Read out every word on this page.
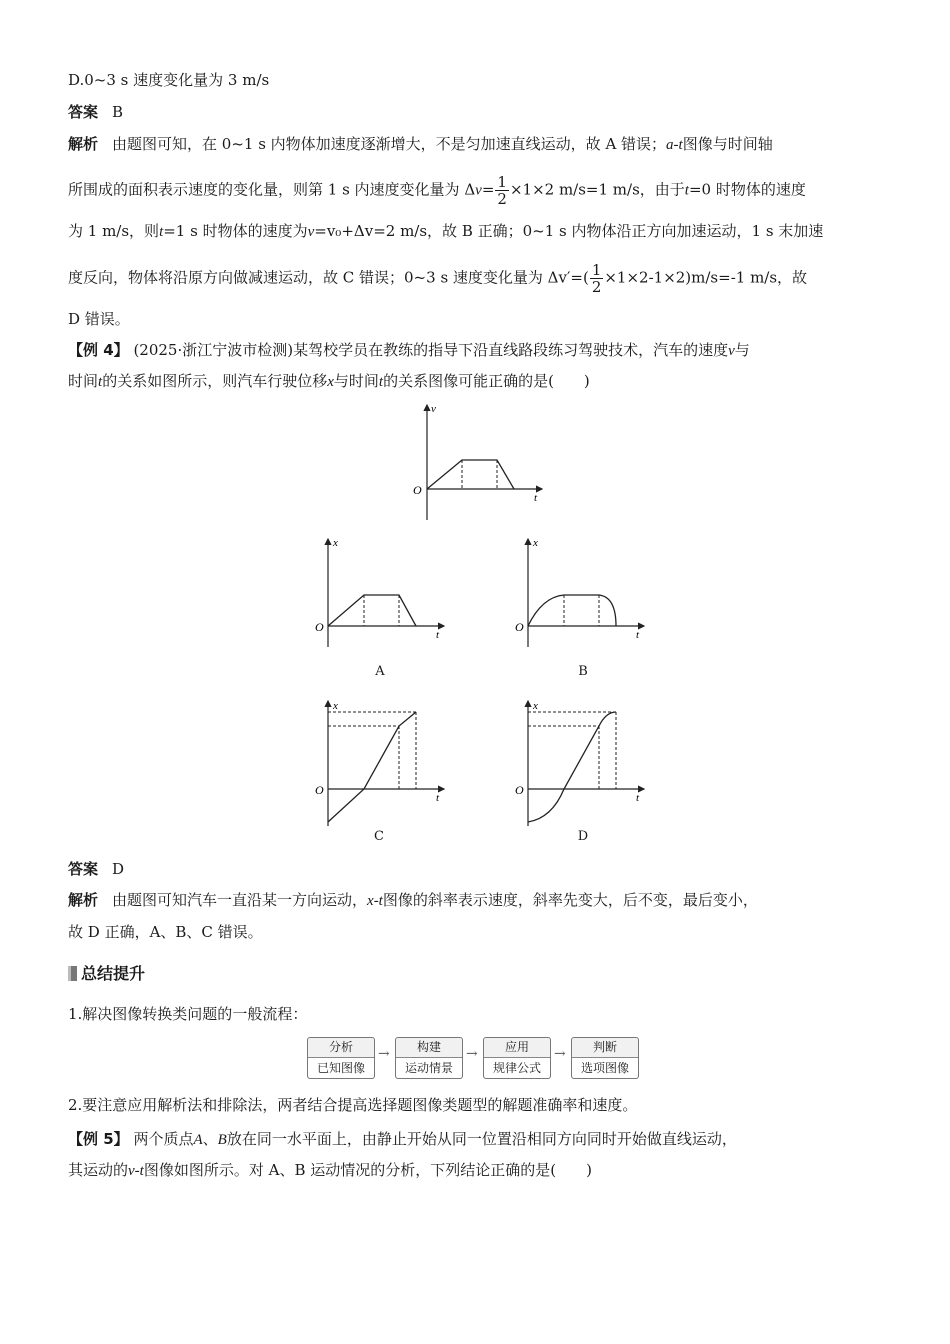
D.0~3 s 速度变化量为 3 m/s
答案 B
解析 由题图可知，在 0~1 s 内物体加速度逐渐增大，不是匀加速直线运动，故 A 错误；a-t图像与时间轴
所围成的面积表示速度的变化量，则第 1 s 内速度变化量为 $\Delta v= \frac{1}{2} \times 1\times 2$ m/s=1 m/s，由于t=0 时物体的速度
为 1 m/s，则t=1 s 时物体的速度为v=v₀+Δv=2 m/s，故 B 正确；0~1 s 内物体沿正方向加速运动，1 s 末加速
度反向，物体将沿原方向做减速运动，故 C 错误；0~3 s 速度变化量为 $\Delta v'=( \frac{1}{2} \times 1\times 2-1\times 2)m/s=-1$ m/s，故
D 错误。
【例 4】 (2025·浙江宁波市检测)某驾校学员在教练的指导下沿直线路段练习驾驶技术，汽车的速度v与
时间t的关系如图所示，则汽车行驶位移x与时间t的关系图像可能正确的是(　　)
v
t
O
x
t
O
A
x
t
O
B
x
t
O
C
x
t
O
D
答案 D
解析 由题图可知汽车一直沿某一方向运动，x-t图像的斜率表示速度，斜率先变大，后不变，最后变小，
故 D 正确，A、B、C 错误。
总结提升
1.解决图像转换类问题的一般流程：
分析
已知图像
→	构建
运动情景
→	应用
规律公式
→	判断
选项图像
2.要注意应用解析法和排除法，两者结合提高选择题图像类题型的解题准确率和速度。
【例 5】 两个质点A、B放在同一水平面上，由静止开始从同一位置沿相同方向同时开始做直线运动，
其运动的v-t图像如图所示。对 A、B 运动情况的分析，下列结论正确的是(　　)
